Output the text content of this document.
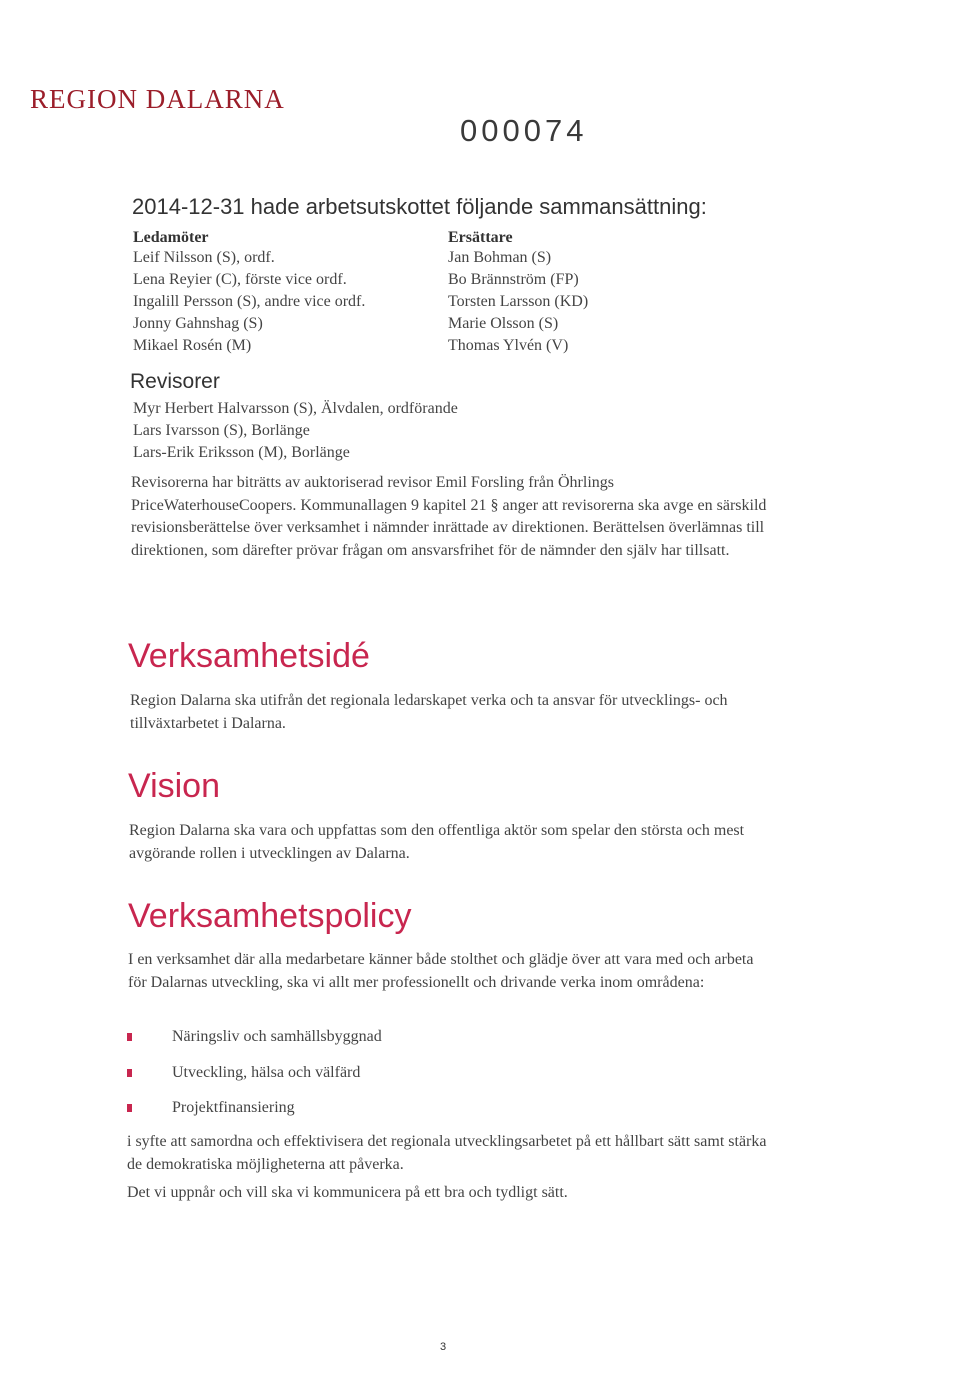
REGION DALARNA
000074
2014-12-31 hade arbetsutskottet följande sammansättning:
Ledamöter
Leif Nilsson (S), ordf.
Lena Reyier (C), förste vice ordf.
Ingalill Persson (S), andre vice ordf.
Jonny Gahnshag (S)
Mikael Rosén (M)
Ersättare
Jan Bohman (S)
Bo Brännström (FP)
Torsten Larsson (KD)
Marie Olsson (S)
Thomas Ylvén (V)
Revisorer
Myr Herbert Halvarsson (S), Älvdalen, ordförande
Lars Ivarsson (S), Borlänge
Lars-Erik Eriksson (M), Borlänge

Revisorerna har biträtts av auktoriserad revisor Emil Forsling från Öhrlings PriceWaterhouseCoopers. Kommunallagen 9 kapitel 21 § anger att revisorerna ska avge en särskild revisionsberättelse över verksamhet i nämnder inrättade av direktionen. Berättelsen överlämnas till direktionen, som därefter prövar frågan om ansvarsfrihet för de nämnder den själv har tillsatt.

Verksamhetsidé

Region Dalarna ska utifrån det regionala ledarskapet verka och ta ansvar för utvecklings- och tillväxtarbetet i Dalarna.

Vision

Region Dalarna ska vara och uppfattas som den offentliga aktör som spelar den största och mest avgörande rollen i utvecklingen av Dalarna.

Verksamhetspolicy

I en verksamhet där alla medarbetare känner både stolthet och glädje över att vara med och arbeta för Dalarnas utveckling, ska vi allt mer professionellt och drivande verka inom områdena:

Näringsliv och samhällsbyggnad
Utveckling, hälsa och välfärd
Projektfinansiering

i syfte att samordna och effektivisera det regionala utvecklingsarbetet på ett hållbart sätt samt stärka de demokratiska möjligheterna att påverka.

Det vi uppnår och vill ska vi kommunicera på ett bra och tydligt sätt.
3
